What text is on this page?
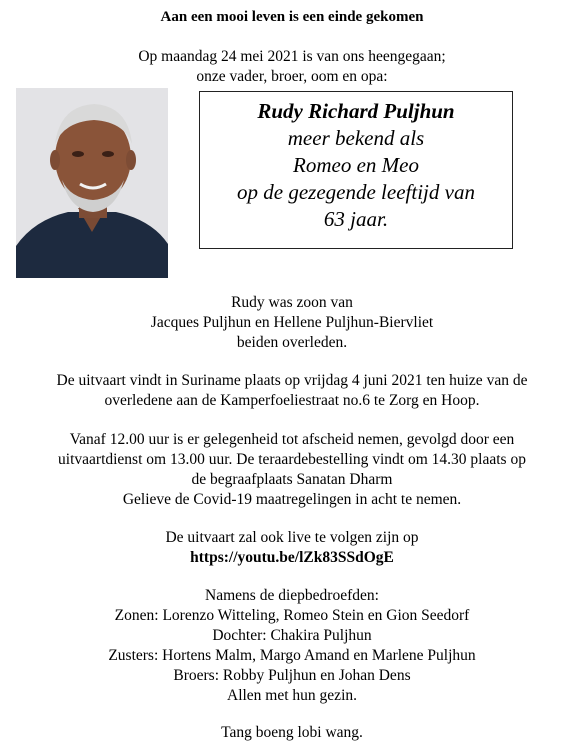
Aan een mooi leven is een einde gekomen
Op maandag 24 mei 2021 is van ons heengegaan;
onze vader, broer, oom en opa:
Rudy Richard Puljhun
meer bekend als
Romeo en Meo
op de gezegende leeftijd van
63 jaar.
Rudy was zoon van
Jacques Puljhun en Hellene Puljhun-Biervliet
beiden overleden.
De uitvaart vindt in Suriname plaats op vrijdag 4 juni 2021 ten huize van de
overledene aan de Kamperfoeliestraat no.6 te Zorg en Hoop.
Vanaf 12.00 uur is er gelegenheid tot afscheid nemen, gevolgd door een
uitvaartdienst om 13.00 uur. De teraardebestelling vindt om 14.30 plaats op
de begraafplaats Sanatan Dharm
Gelieve de Covid-19 maatregelingen in acht te nemen.
De uitvaart zal ook live te volgen zijn op
https://youtu.be/lZk83SSdOgE
Namens de diepbedroefden:
Zonen: Lorenzo Witteling, Romeo Stein en Gion Seedorf
Dochter: Chakira Puljhun
Zusters: Hortens Malm, Margo Amand en Marlene Puljhun
Broers: Robby Puljhun en Johan Dens
Allen met hun gezin.
Tang boeng lobi wang.
